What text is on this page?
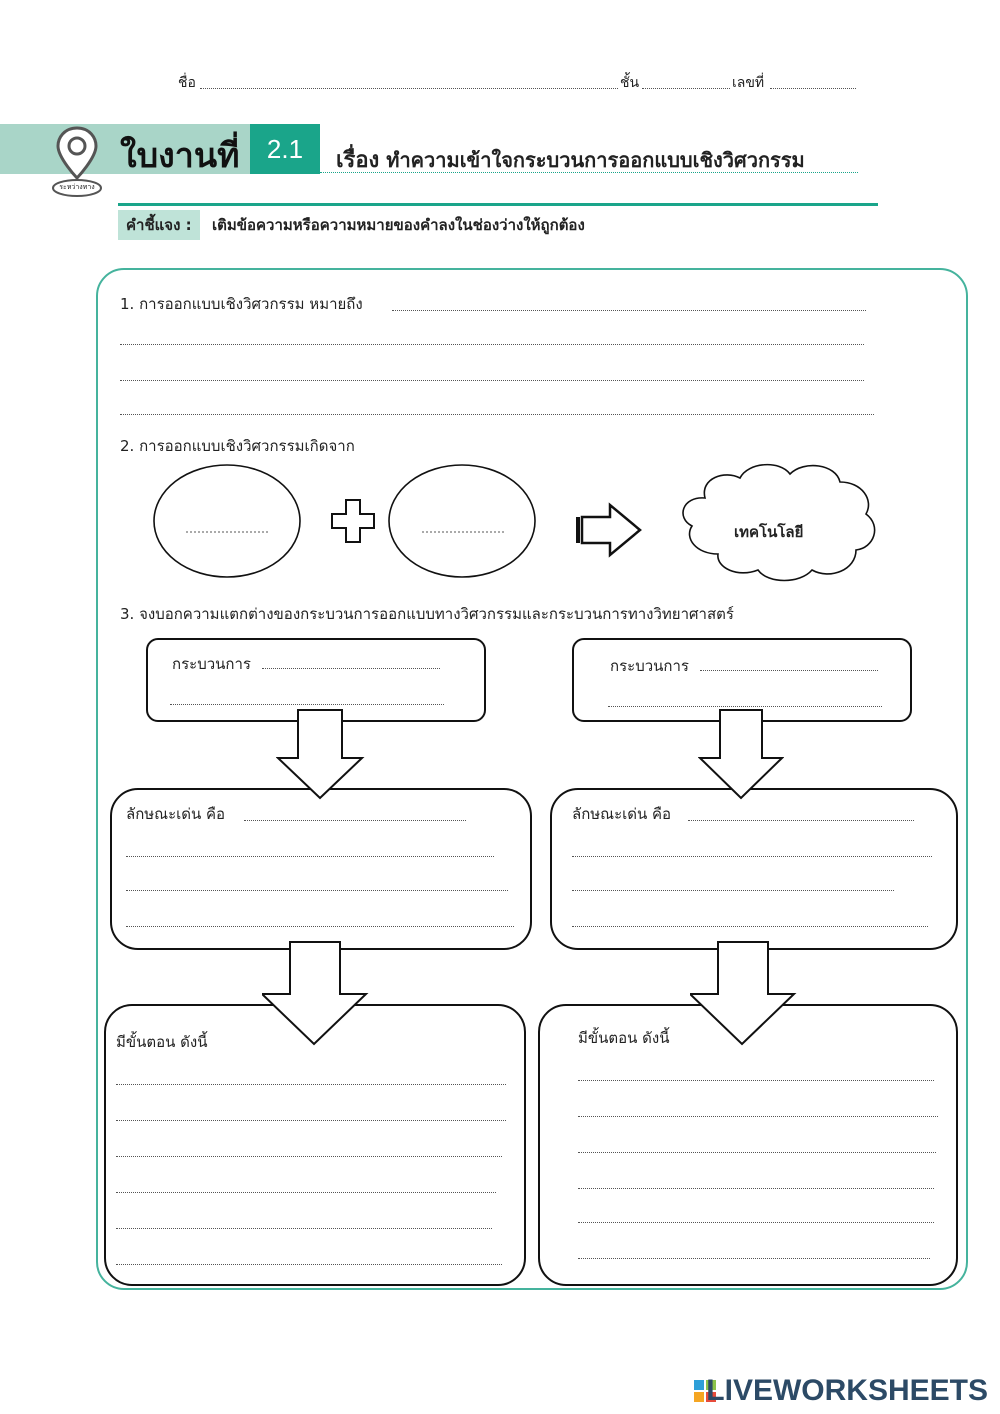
ชื่อ	ชั้น	เลขที่
ระหว่างทาง
ใบงานที่	2.1	เรื่อง ทำความเข้าใจกระบวนการออกแบบเชิงวิศวกรรม
คำชี้แจง :	เติมข้อความหรือความหมายของคำลงในช่องว่างให้ถูกต้อง
1. การออกแบบเชิงวิศวกรรม หมายถึง
2. การออกแบบเชิงวิศวกรรมเกิดจาก
เทคโนโลยี
3. จงบอกความแตกต่างของกระบวนการออกแบบทางวิศวกรรมและกระบวนการทางวิทยาศาสตร์
กระบวนการ
ลักษณะเด่น คือ
มีขั้นตอน ดังนี้
กระบวนการ
ลักษณะเด่น คือ
มีขั้นตอน ดังนี้
LIVEWORKSHEETS
